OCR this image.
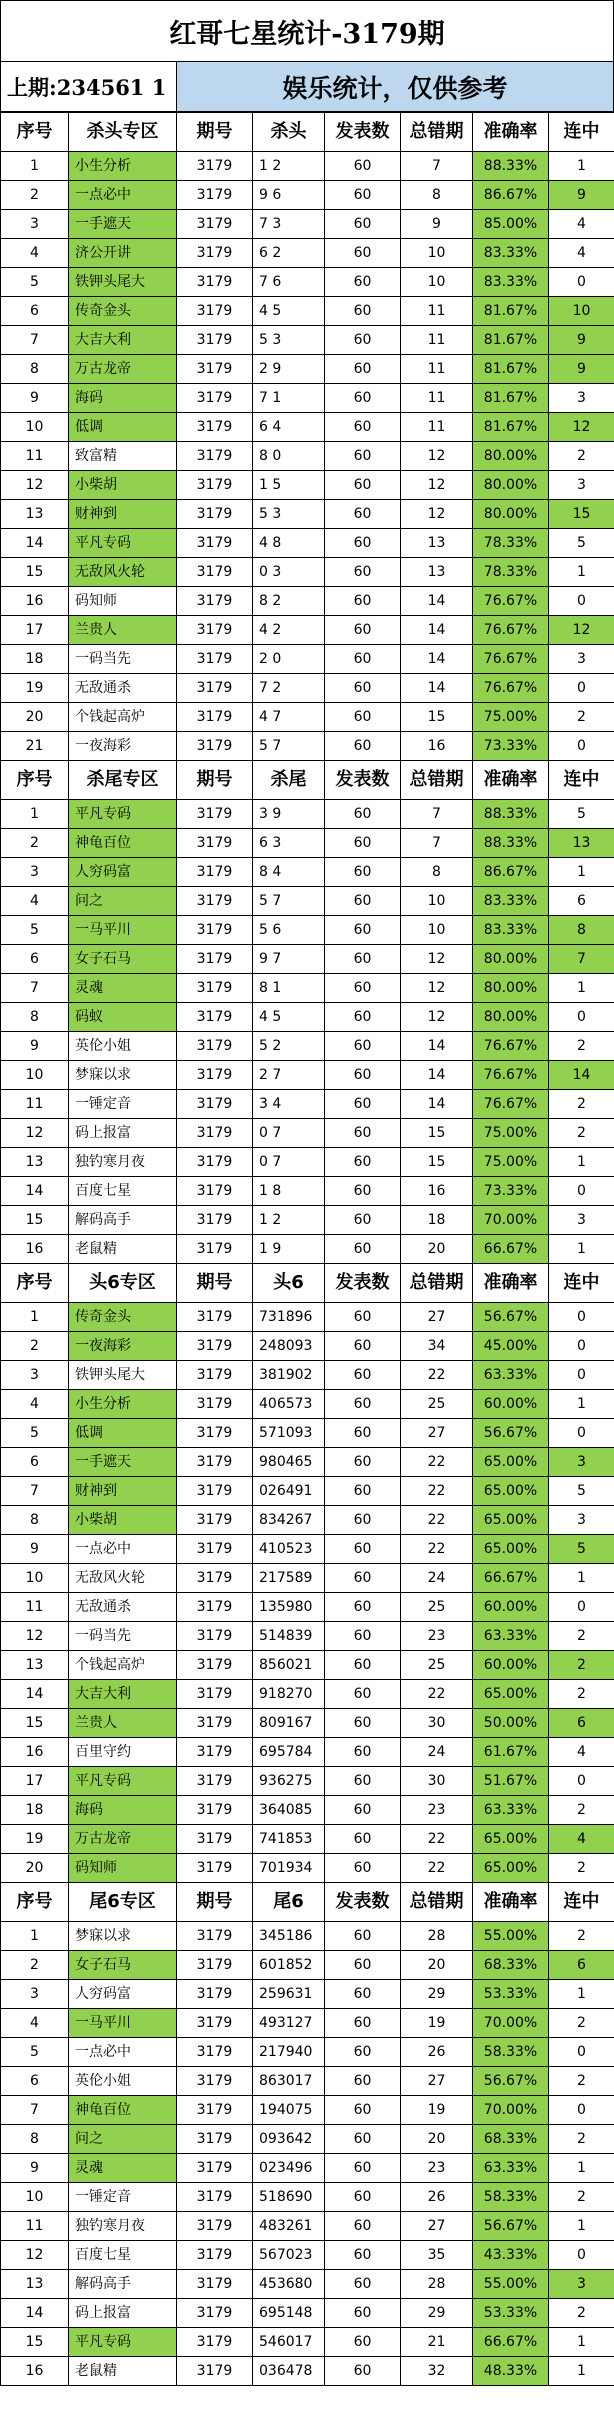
红哥七星统计-3179期
上期:234561 1	娱乐统计，仅供参考
序号	杀头专区	期号	杀头	发表数	总错期	准确率	连中
1	小生分析	3179	1 2	60	7	88.33%	1
2	一点必中	3179	9 6	60	8	86.67%	9
3	一手遮天	3179	7 3	60	9	85.00%	4
4	济公开讲	3179	6 2	60	10	83.33%	4
5	铁钾头尾大	3179	7 6	60	10	83.33%	0
6	传奇金头	3179	4 5	60	11	81.67%	10
7	大吉大利	3179	5 3	60	11	81.67%	9
8	万古龙帝	3179	2 9	60	11	81.67%	9
9	海码	3179	7 1	60	11	81.67%	3
10	低调	3179	6 4	60	11	81.67%	12
11	致富精	3179	8 0	60	12	80.00%	2
12	小柴胡	3179	1 5	60	12	80.00%	3
13	财神到	3179	5 3	60	12	80.00%	15
14	平凡专码	3179	4 8	60	13	78.33%	5
15	无敌风火轮	3179	0 3	60	13	78.33%	1
16	码知师	3179	8 2	60	14	76.67%	0
17	兰贵人	3179	4 2	60	14	76.67%	12
18	一码当先	3179	2 0	60	14	76.67%	3
19	无敌通杀	3179	7 2	60	14	76.67%	0
20	个钱起高炉	3179	4 7	60	15	75.00%	2
21	一夜海彩	3179	5 7	60	16	73.33%	0
序号	杀尾专区	期号	杀尾	发表数	总错期	准确率	连中
1	平凡专码	3179	3 9	60	7	88.33%	5
2	神龟百位	3179	6 3	60	7	88.33%	13
3	人穷码富	3179	8 4	60	8	86.67%	1
4	问之	3179	5 7	60	10	83.33%	6
5	一马平川	3179	5 6	60	10	83.33%	8
6	女子石马	3179	9 7	60	12	80.00%	7
7	灵魂	3179	8 1	60	12	80.00%	1
8	码蚁	3179	4 5	60	12	80.00%	0
9	英伦小姐	3179	5 2	60	14	76.67%	2
10	梦寐以求	3179	2 7	60	14	76.67%	14
11	一锤定音	3179	3 4	60	14	76.67%	2
12	码上报富	3179	0 7	60	15	75.00%	2
13	独钓寒月夜	3179	0 7	60	15	75.00%	1
14	百度七星	3179	1 8	60	16	73.33%	0
15	解码高手	3179	1 2	60	18	70.00%	3
16	老鼠精	3179	1 9	60	20	66.67%	1
序号	头6专区	期号	头6	发表数	总错期	准确率	连中
1	传奇金头	3179	731896	60	27	56.67%	0
2	一夜海彩	3179	248093	60	34	45.00%	0
3	铁钾头尾大	3179	381902	60	22	63.33%	0
4	小生分析	3179	406573	60	25	60.00%	1
5	低调	3179	571093	60	27	56.67%	0
6	一手遮天	3179	980465	60	22	65.00%	3
7	财神到	3179	026491	60	22	65.00%	5
8	小柴胡	3179	834267	60	22	65.00%	3
9	一点必中	3179	410523	60	22	65.00%	5
10	无敌风火轮	3179	217589	60	24	66.67%	1
11	无敌通杀	3179	135980	60	25	60.00%	0
12	一码当先	3179	514839	60	23	63.33%	2
13	个钱起高炉	3179	856021	60	25	60.00%	2
14	大吉大利	3179	918270	60	22	65.00%	2
15	兰贵人	3179	809167	60	30	50.00%	6
16	百里守约	3179	695784	60	24	61.67%	4
17	平凡专码	3179	936275	60	30	51.67%	0
18	海码	3179	364085	60	23	63.33%	2
19	万古龙帝	3179	741853	60	22	65.00%	4
20	码知师	3179	701934	60	22	65.00%	2
序号	尾6专区	期号	尾6	发表数	总错期	准确率	连中
1	梦寐以求	3179	345186	60	28	55.00%	2
2	女子石马	3179	601852	60	20	68.33%	6
3	人穷码富	3179	259631	60	29	53.33%	1
4	一马平川	3179	493127	60	19	70.00%	2
5	一点必中	3179	217940	60	26	58.33%	0
6	英伦小姐	3179	863017	60	27	56.67%	2
7	神龟百位	3179	194075	60	19	70.00%	0
8	问之	3179	093642	60	20	68.33%	2
9	灵魂	3179	023496	60	23	63.33%	1
10	一锤定音	3179	518690	60	26	58.33%	2
11	独钓寒月夜	3179	483261	60	27	56.67%	1
12	百度七星	3179	567023	60	35	43.33%	0
13	解码高手	3179	453680	60	28	55.00%	3
14	码上报富	3179	695148	60	29	53.33%	2
15	平凡专码	3179	546017	60	21	66.67%	1
16	老鼠精	3179	036478	60	32	48.33%	1
